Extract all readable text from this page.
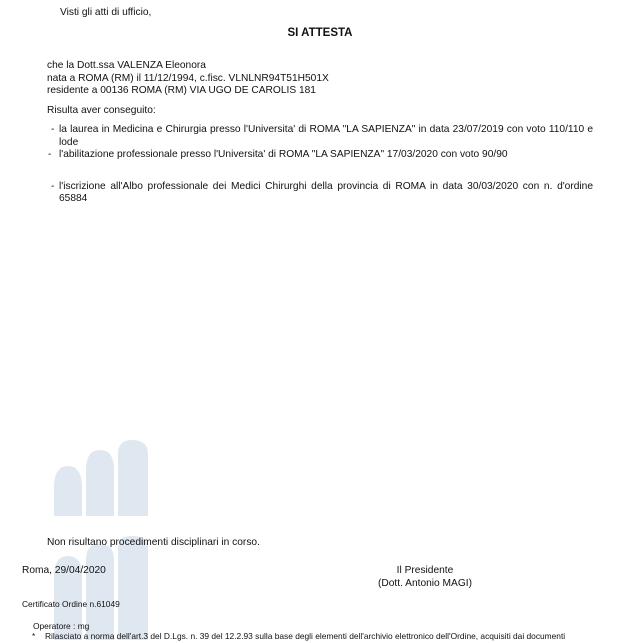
Visti gli atti di ufficio,
SI ATTESTA
che la Dott.ssa VALENZA Eleonora
nata a ROMA (RM) il 11/12/1994, c.fisc. VLNLNR94T51H501X
residente a 00136 ROMA (RM) VIA UGO DE CAROLIS 181
Risulta aver conseguito:
- la laurea in Medicina e Chirurgia presso l'Universita' di ROMA "LA SAPIENZA" in data 23/07/2019 con voto 110/110 e lode
- l'abilitazione professionale presso l'Universita' di ROMA "LA SAPIENZA" 17/03/2020 con voto 90/90
- l'iscrizione all'Albo professionale dei Medici Chirurghi della provincia di ROMA in data 30/03/2020 con n. d'ordine 65884
Non risultano procedimenti disciplinari in corso.
Roma, 29/04/2020	Il Presidente
(Dott. Antonio MAGI)
Certificato Ordine n.61049
Operatore : mg
* Rilasciato a norma dell'art.3 del D.Lgs. n. 39 del 12.2.93 sulla base degli elementi dell'archivio elettronico dell'Ordine, acquisiti dai documenti
